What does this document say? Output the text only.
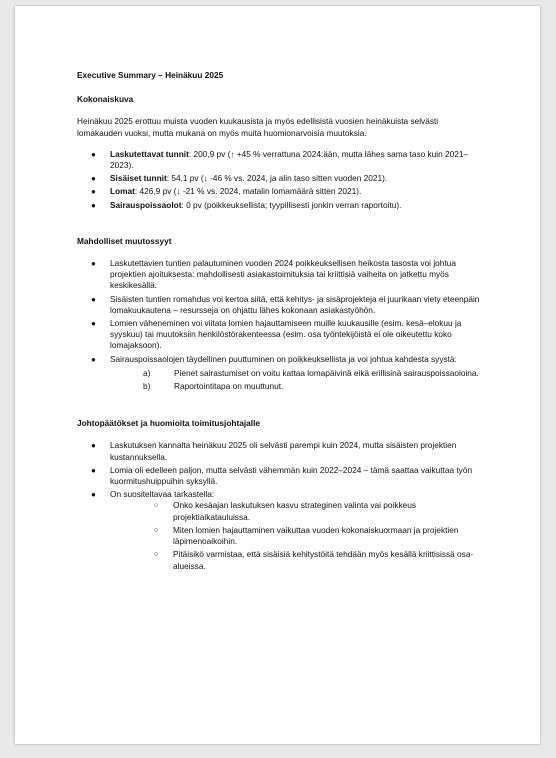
Executive Summary – Heinäkuu 2025
Kokonaiskuva

Heinäkuu 2025 erottuu muista vuoden kuukausista ja myös edellisistä vuosien heinäkuista selvästi lomakauden vuoksi, mutta mukana on myös muita huomionarvoisia muutoksia.

● Laskutettavat tunnit: 200,9 pv (↑ +45 % verrattuna 2024:ään, mutta lähes sama taso kuin 2021–2023).
● Sisäiset tunnit: 54,1 pv (↓ -46 % vs. 2024, ja alin taso sitten vuoden 2021).
● Lomat: 426,9 pv (↓ -21 % vs. 2024, matalin lomamäärä sitten 2021).
● Sairauspoissaolot: 0 pv (poikkeuksellista; tyypillisesti jonkin verran raportoitu).
Mahdolliset muutossyyt
● Laskutettavien tuntien palautuminen vuoden 2024 poikkeuksellisen heikosta tasosta voi johtua projektien ajoituksesta: mahdollisesti asiakastoimituksia tai kriittisiä vaiheita on jatkettu myös keskikesällä.
● Sisäisten tuntien romahdus voi kertoa siitä, että kehitys- ja sisäprojekteja ei juurikaan viety eteenpäin lomakuukautena – resursseja on ohjattu lähes kokonaan asiakastyöhön.
● Lomien väheneminen voi viitata lomien hajauttamiseen muille kuukausille (esim. kesä–elokuu ja syyskuu) tai muutoksiin henkilöstörakenteessa (esim. osa työntekijöistä ei ole oikeutettu koko lomajaksoon).
● Sairauspoissaolojen täydellinen puuttuminen on poikkeuksellista ja voi johtua kahdesta syystä:
a)	Pienet sairastumiset on voitu kattaa lomapäivinä eikä erillisinä sairauspoissaoloina.
b)	Raportointitapa on muuttunut.
Johtopäätökset ja huomioita toimitusjohtajalle
● Laskutuksen kannalta heinäkuu 2025 oli selvästi parempi kuin 2024, mutta sisäisten projektien kustannuksella.
● Lomia oli edelleen paljon, mutta selvästi vähemmän kuin 2022–2024 – tämä saattaa vaikuttaa työn kuormitushuippuihin syksyllä.
● On suositeltavaa tarkastella:
○ Onko kesäajan laskutuksen kasvu strateginen valinta vai poikkeus projektiaikatauluissa.
○ Miten lomien hajauttaminen vaikuttaa vuoden kokonaiskuormaan ja projektien läpimenoaikoihin.
○ Pitäisikö varmistaa, että sisäisiä kehitystöitä tehdään myös kesällä kriittisissä osa-alueissa.
